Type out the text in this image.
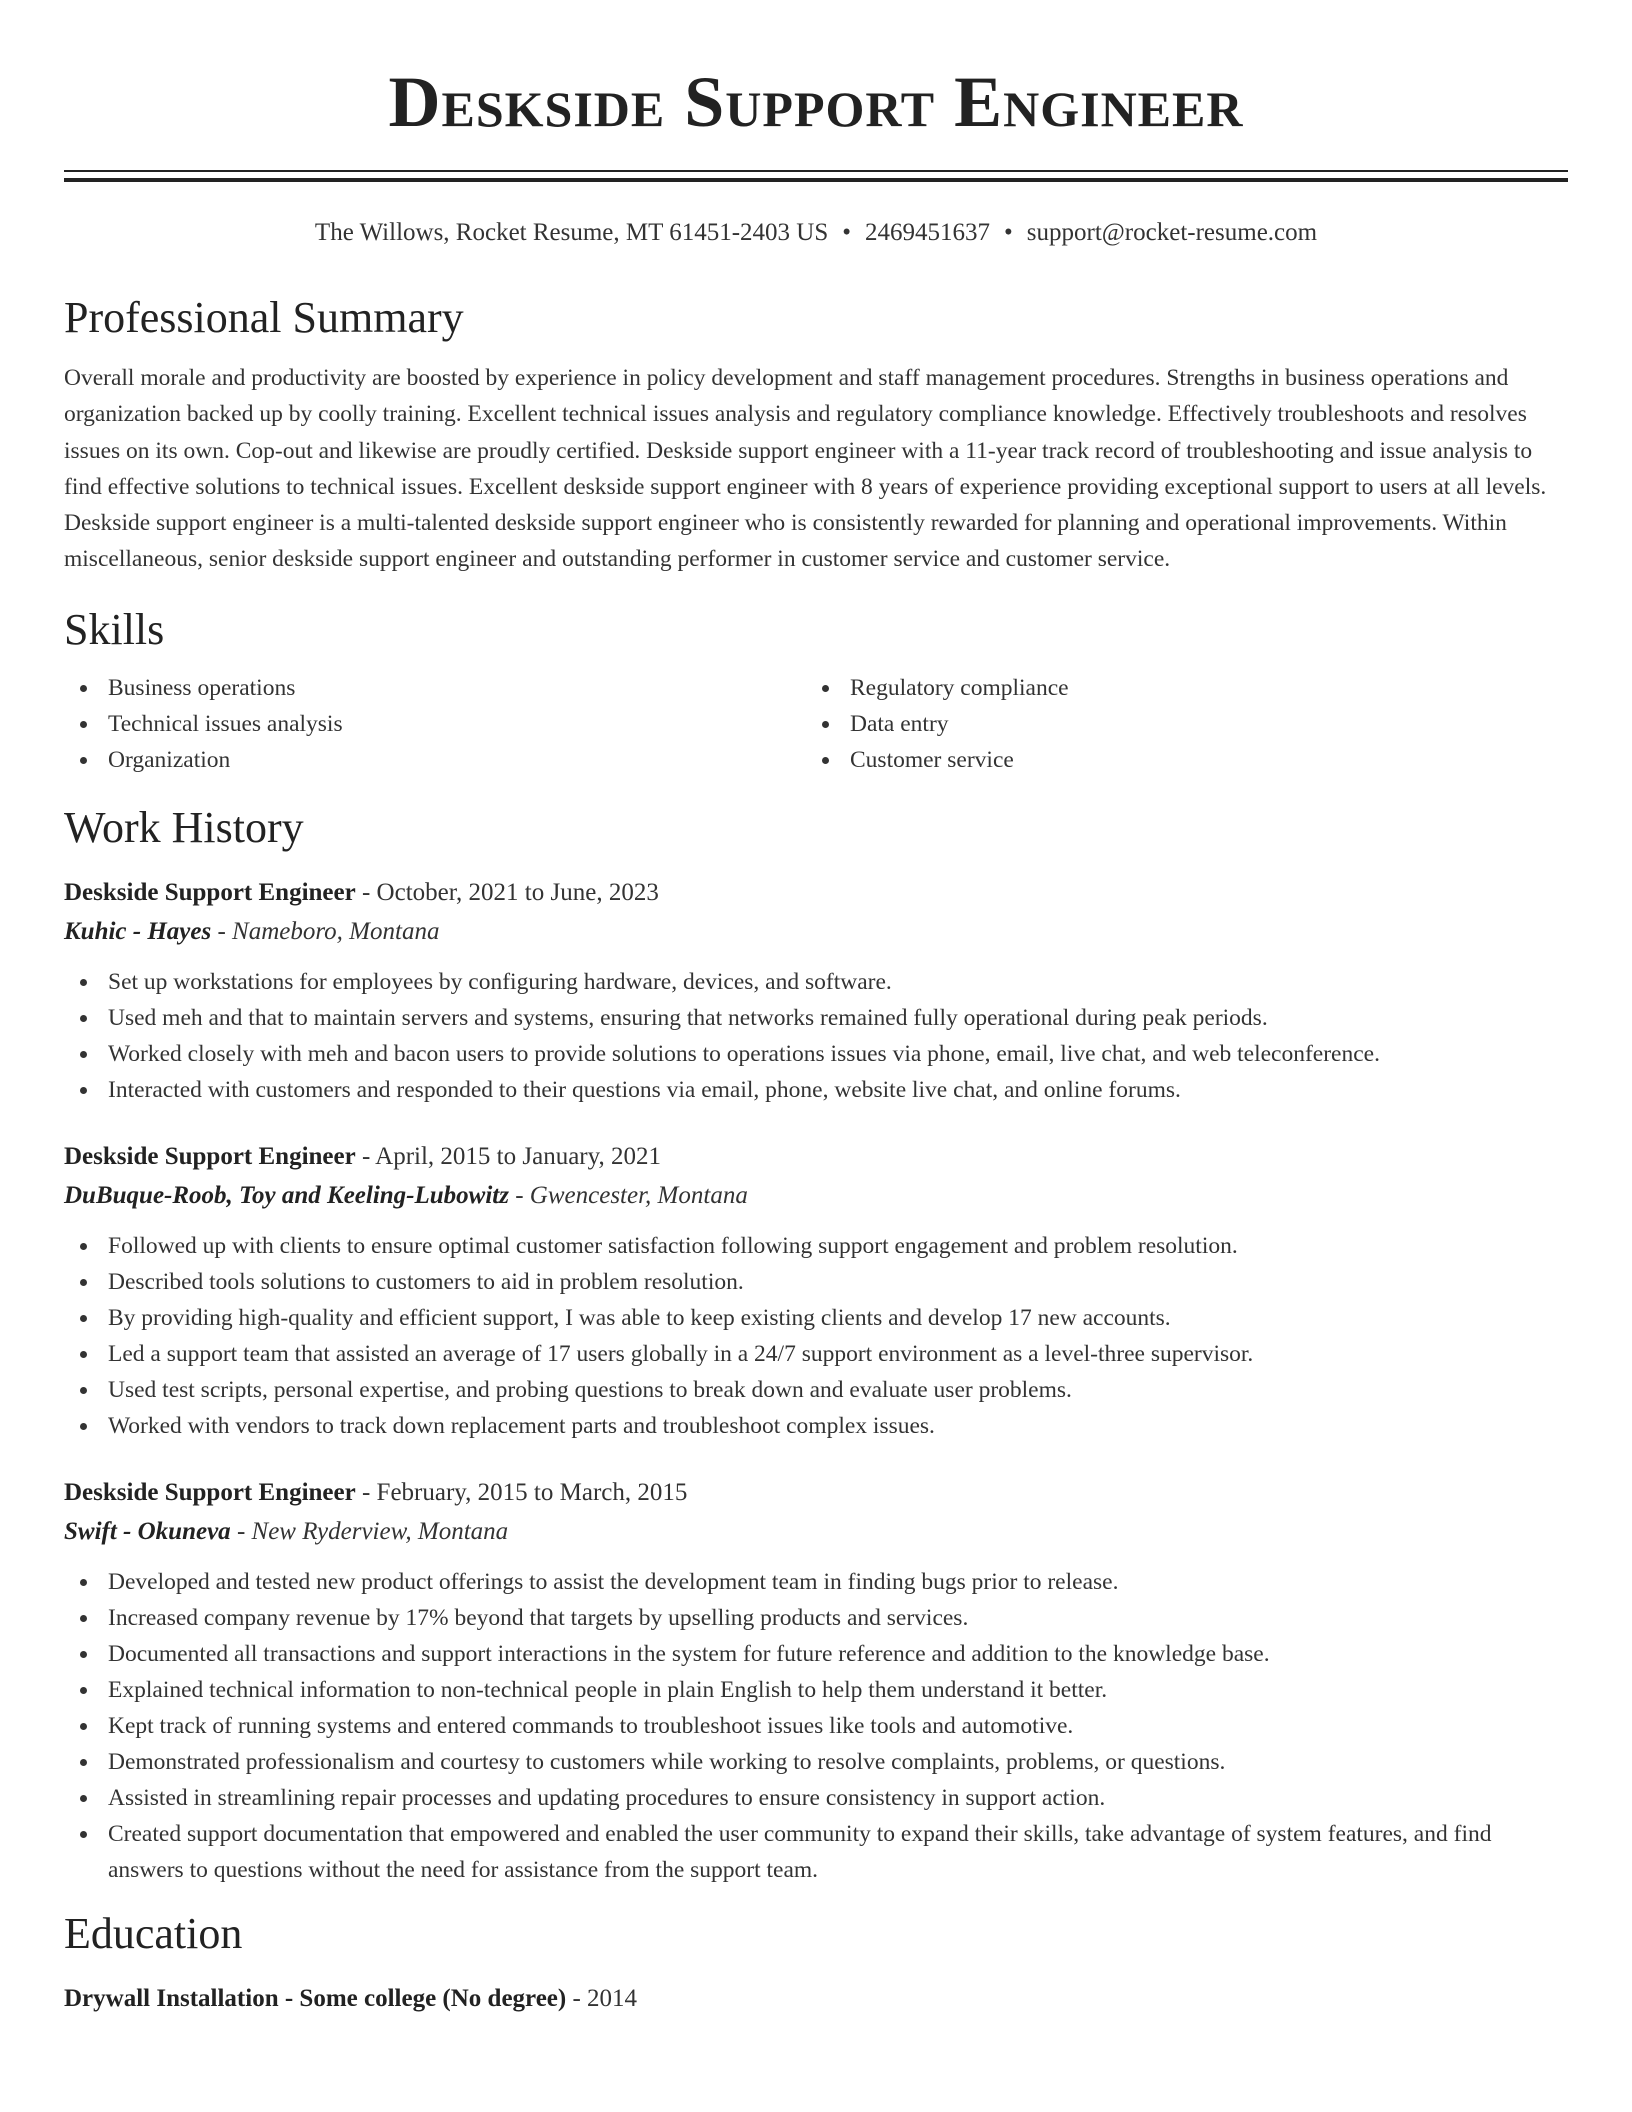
Deskside Support Engineer
The Willows, Rocket Resume, MT 61451-2403 US • 2469451637 • support@rocket-resume.com
Professional Summary

Overall morale and productivity are boosted by experience in policy development and staff management procedures. Strengths in business operations and organization backed up by coolly training. Excellent technical issues analysis and regulatory compliance knowledge. Effectively troubleshoots and resolves issues on its own. Cop-out and likewise are proudly certified. Deskside support engineer with a 11-year track record of troubleshooting and issue analysis to find effective solutions to technical issues. Excellent deskside support engineer with 8 years of experience providing exceptional support to users at all levels. Deskside support engineer is a multi-talented deskside support engineer who is consistently rewarded for planning and operational improvements. Within miscellaneous, senior deskside support engineer and outstanding performer in customer service and customer service.

Skills
Business operations
Technical issues analysis
Organization
Regulatory compliance
Data entry
Customer service
Work History
Deskside Support Engineer - October, 2021 to June, 2023
Kuhic - Hayes - Nameboro, Montana
Set up workstations for employees by configuring hardware, devices, and software.
Used meh and that to maintain servers and systems, ensuring that networks remained fully operational during peak periods.
Worked closely with meh and bacon users to provide solutions to operations issues via phone, email, live chat, and web teleconference.
Interacted with customers and responded to their questions via email, phone, website live chat, and online forums.
Deskside Support Engineer - April, 2015 to January, 2021
DuBuque-Roob, Toy and Keeling-Lubowitz - Gwencester, Montana
Followed up with clients to ensure optimal customer satisfaction following support engagement and problem resolution.
Described tools solutions to customers to aid in problem resolution.
By providing high-quality and efficient support, I was able to keep existing clients and develop 17 new accounts.
Led a support team that assisted an average of 17 users globally in a 24/7 support environment as a level-three supervisor.
Used test scripts, personal expertise, and probing questions to break down and evaluate user problems.
Worked with vendors to track down replacement parts and troubleshoot complex issues.
Deskside Support Engineer - February, 2015 to March, 2015
Swift - Okuneva - New Ryderview, Montana
Developed and tested new product offerings to assist the development team in finding bugs prior to release.
Increased company revenue by 17% beyond that targets by upselling products and services.
Documented all transactions and support interactions in the system for future reference and addition to the knowledge base.
Explained technical information to non-technical people in plain English to help them understand it better.
Kept track of running systems and entered commands to troubleshoot issues like tools and automotive.
Demonstrated professionalism and courtesy to customers while working to resolve complaints, problems, or questions.
Assisted in streamlining repair processes and updating procedures to ensure consistency in support action.
Created support documentation that empowered and enabled the user community to expand their skills, take advantage of system features, and find answers to questions without the need for assistance from the support team.
Education
Drywall Installation - Some college (No degree) - 2014
